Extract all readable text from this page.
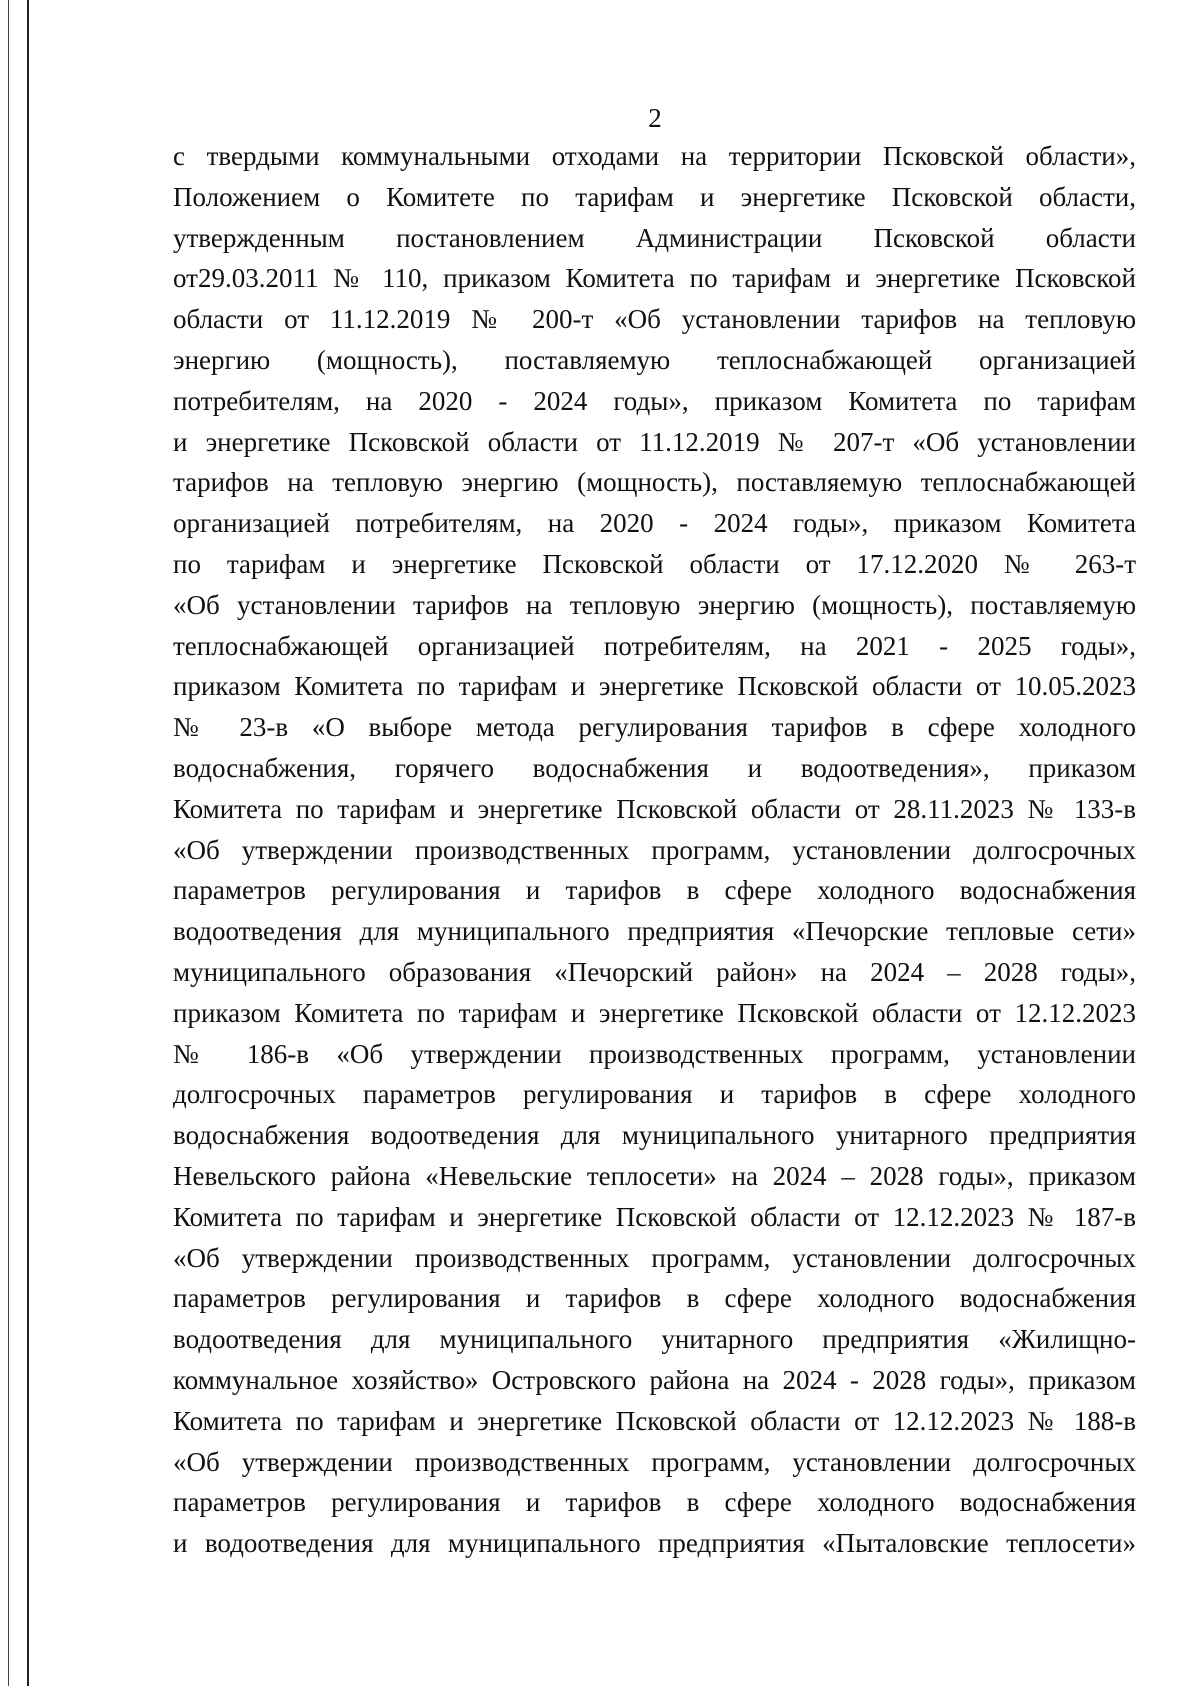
2
с твердыми коммунальными отходами на территории Псковской области»,
Положением о Комитете по тарифам и энергетике Псковской области,
утвержденным постановлением Администрации Псковской области
от29.03.2011 № 110, приказом Комитета по тарифам и энергетике Псковской
области от 11.12.2019 № 200-т «Об установлении тарифов на тепловую
энергию (мощность), поставляемую теплоснабжающей организацией
потребителям, на 2020 - 2024 годы», приказом Комитета по тарифам
и энергетике Псковской области от 11.12.2019 № 207-т «Об установлении
тарифов на тепловую энергию (мощность), поставляемую теплоснабжающей
организацией потребителям, на 2020 - 2024 годы», приказом Комитета
по тарифам и энергетике Псковской области от 17.12.2020 № 263-т
«Об установлении тарифов на тепловую энергию (мощность), поставляемую
теплоснабжающей организацией потребителям, на 2021 - 2025 годы»,
приказом Комитета по тарифам и энергетике Псковской области от 10.05.2023
№ 23-в «О выборе метода регулирования тарифов в сфере холодного
водоснабжения, горячего водоснабжения и водоотведения», приказом
Комитета по тарифам и энергетике Псковской области от 28.11.2023 № 133-в
«Об утверждении производственных программ, установлении долгосрочных
параметров регулирования и тарифов в сфере холодного водоснабжения
водоотведения для муниципального предприятия «Печорские тепловые сети»
муниципального образования «Печорский район» на 2024 – 2028 годы»,
приказом Комитета по тарифам и энергетике Псковской области от 12.12.2023
№ 186-в «Об утверждении производственных программ, установлении
долгосрочных параметров регулирования и тарифов в сфере холодного
водоснабжения водоотведения для муниципального унитарного предприятия
Невельского района «Невельские теплосети» на 2024 – 2028 годы», приказом
Комитета по тарифам и энергетике Псковской области от 12.12.2023 № 187-в
«Об утверждении производственных программ, установлении долгосрочных
параметров регулирования и тарифов в сфере холодного водоснабжения
водоотведения для муниципального унитарного предприятия «Жилищно-
коммунальное хозяйство» Островского района на 2024 - 2028 годы», приказом
Комитета по тарифам и энергетике Псковской области от 12.12.2023 № 188-в
«Об утверждении производственных программ, установлении долгосрочных
параметров регулирования и тарифов в сфере холодного водоснабжения
и водоотведения для муниципального предприятия «Пыталовские теплосети»
